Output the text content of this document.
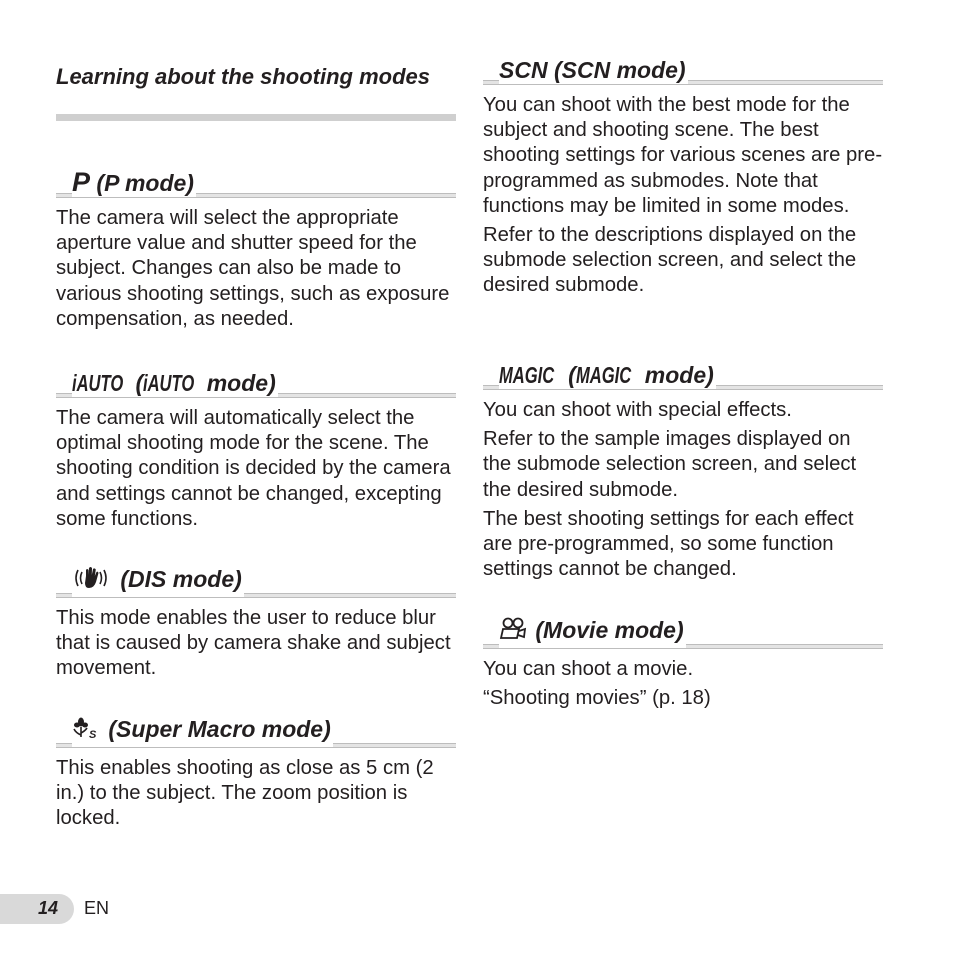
14 EN
Learning about the shooting modes
P (P mode)

The camera will select the appropriate aperture value and shutter speed for the subject. Changes can also be made to various shooting settings, such as exposure compensation, as needed.

iAUTO (iAUTO mode)

The camera will automatically select the optimal shooting mode for the scene. The shooting condition is decided by the camera and settings cannot be changed, excepting some functions.

(DIS mode)

This mode enables the user to reduce blur that is caused by camera shake and subject movement.

S (Super Macro mode)

This enables shooting as close as 5 cm (2 in.) to the subject. The zoom position is locked.

SCN (SCN mode)

You can shoot with the best mode for the subject and shooting scene. The best shooting settings for various scenes are pre-programmed as submodes. Note that functions may be limited in some modes.

Refer to the descriptions displayed on the submode selection screen, and select the desired submode.

MAGIC (MAGIC mode)

You can shoot with special effects.

Refer to the sample images displayed on the submode selection screen, and select the desired submode.

The best shooting settings for each effect are pre-programmed, so some function settings cannot be changed.

(Movie mode)

You can shoot a movie.

“Shooting movies” (p. 18)
